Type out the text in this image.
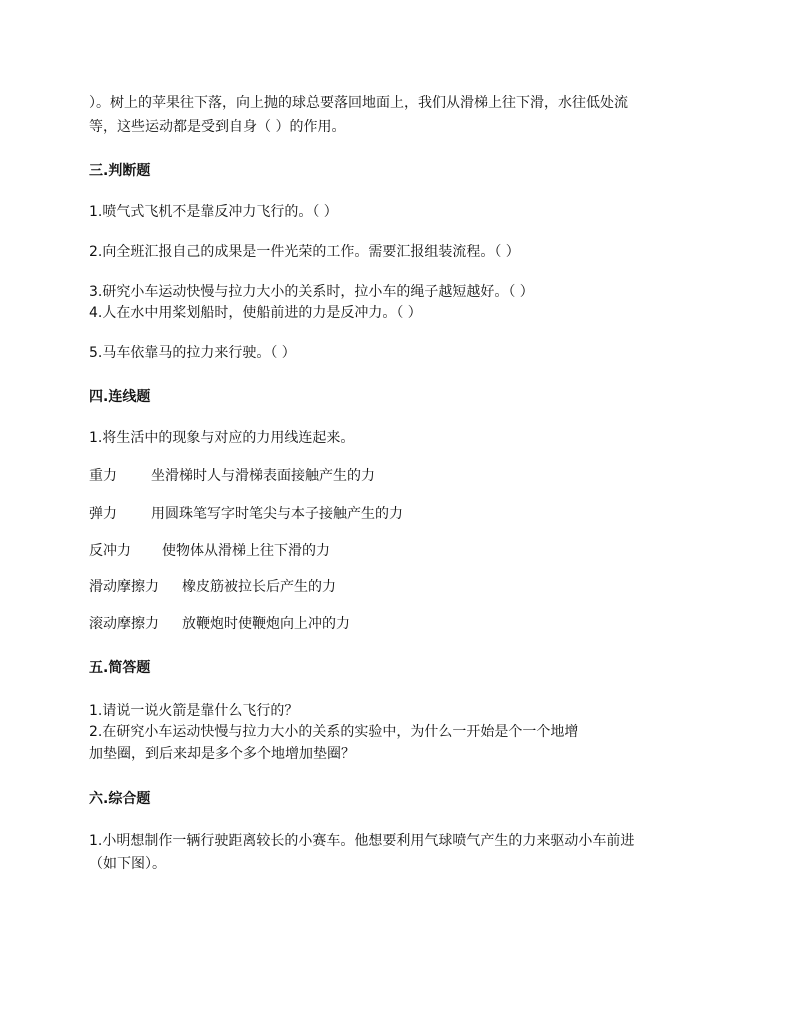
）。树上的苹果往下落，向上抛的球总要落回地面上，我们从滑梯上往下滑，水往低处流
等，这些运动都是受到自身（ ）的作用。
三.判断题
1.喷气式飞机不是靠反冲力飞行的。（ ）
2.向全班汇报自己的成果是一件光荣的工作。需要汇报组装流程。（ ）
3.研究小车运动快慢与拉力大小的关系时，拉小车的绳子越短越好。（ ）
4.人在水中用桨划船时，使船前进的力是反冲力。（ ）
5.马车依靠马的拉力来行驶。（ ）
四.连线题
1.将生活中的现象与对应的力用线连起来。
重力 坐滑梯时人与滑梯表面接触产生的力
弹力 用圆珠笔写字时笔尖与本子接触产生的力
反冲力 使物体从滑梯上往下滑的力
滑动摩擦力 橡皮筋被拉长后产生的力
滚动摩擦力 放鞭炮时使鞭炮向上冲的力
五.简答题
1.请说一说火箭是靠什么飞行的？
2.在研究小车运动快慢与拉力大小的关系的实验中，为什么一开始是个一个地增
加垫圈，到后来却是多个多个地增加垫圈？
六.综合题
1.小明想制作一辆行驶距离较长的小赛车。他想要利用气球喷气产生的力来驱动小车前进
（如下图）。
